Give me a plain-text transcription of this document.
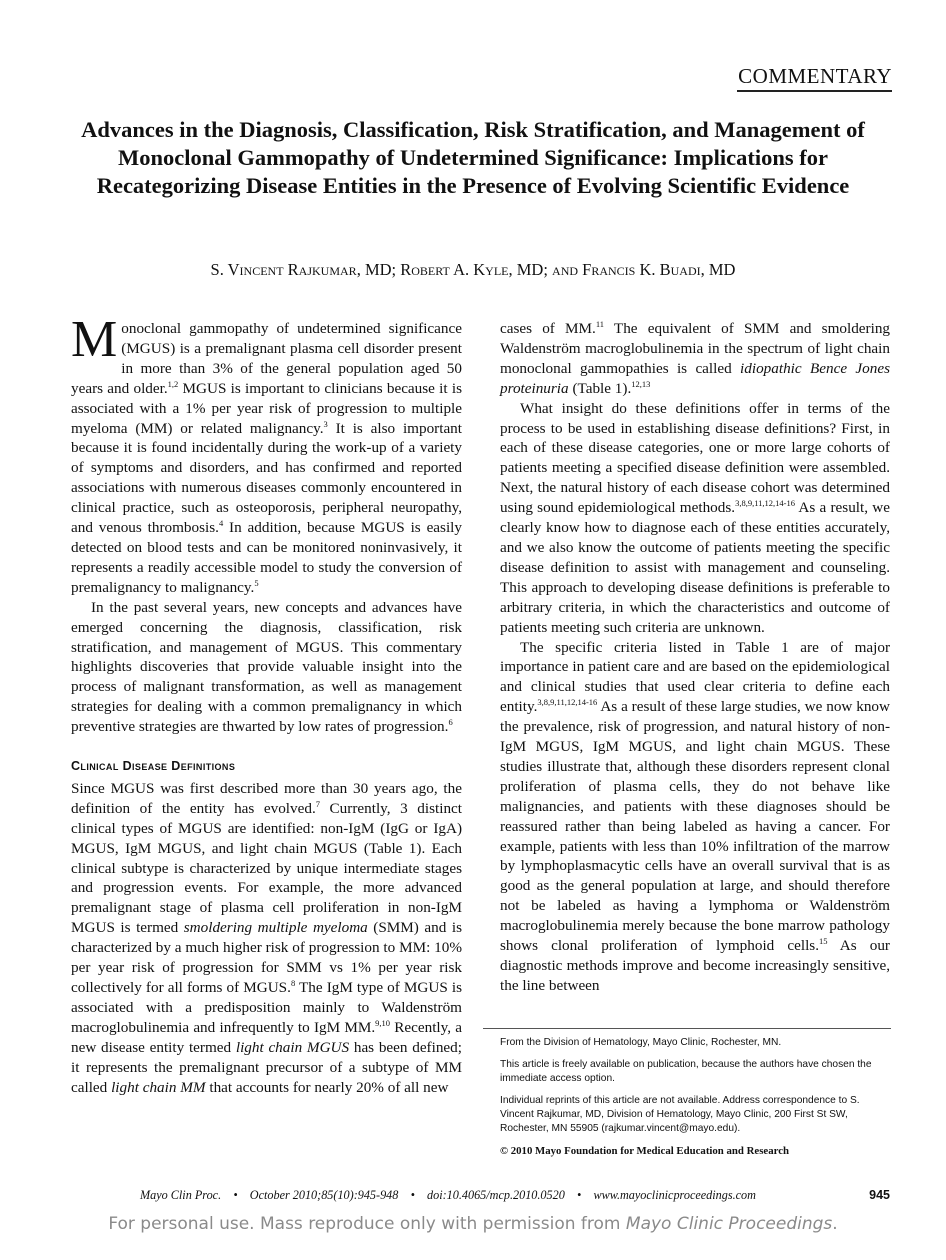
COMMENTARY
Advances in the Diagnosis, Classification, Risk Stratification, and Management of Monoclonal Gammopathy of Undetermined Significance: Implications for Recategorizing Disease Entities in the Presence of Evolving Scientific Evidence
S. Vincent Rajkumar, MD; Robert A. Kyle, MD; and Francis K. Buadi, MD

Monoclonal gammopathy of undetermined significance (MGUS) is a premalignant plasma cell disorder present in more than 3% of the general population aged 50 years and older.$^{1,2}$ MGUS is important to clinicians because it is associated with a 1% per year risk of progression to multiple myeloma (MM) or related malignancy.$^3$ It is also important because it is found incidentally during the work-up of a variety of symptoms and disorders, and has confirmed and reported associations with numerous diseases commonly encountered in clinical practice, such as osteoporosis, peripheral neuropathy, and venous thrombosis.$^4$ In addition, because MGUS is easily detected on blood tests and can be monitored noninvasively, it represents a readily accessible model to study the conversion of premalignancy to malignancy.$^5$

In the past several years, new concepts and advances have emerged concerning the diagnosis, classification, risk stratification, and management of MGUS. This commentary highlights discoveries that provide valuable insight into the process of malignant transformation, as well as management strategies for dealing with a common premalignancy in which preventive strategies are thwarted by low rates of progression.$^6$

Clinical Disease Definitions

Since MGUS was first described more than 30 years ago, the definition of the entity has evolved.$^7$ Currently, 3 distinct clinical types of MGUS are identified: non-IgM (IgG or IgA) MGUS, IgM MGUS, and light chain MGUS (Table 1). Each clinical subtype is characterized by unique intermediate stages and progression events. For example, the more advanced premalignant stage of plasma cell proliferation in non-IgM MGUS is termed smoldering multiple myeloma (SMM) and is characterized by a much higher risk of progression to MM: 10% per year risk of progression for SMM vs 1% per year risk collectively for all forms of MGUS.$^8$ The IgM type of MGUS is associated with a predisposition mainly to Waldenström macroglobulinemia and infrequently to IgM MM.$^{9,10}$ Recently, a new disease entity termed light chain MGUS has been defined; it represents the premalignant precursor of a subtype of MM called light chain MM that accounts for nearly 20% of all new

cases of MM.$^{11}$ The equivalent of SMM and smoldering Waldenström macroglobulinemia in the spectrum of light chain monoclonal gammopathies is called idiopathic Bence Jones proteinuria (Table 1).$^{12,13}$

What insight do these definitions offer in terms of the process to be used in establishing disease definitions? First, in each of these disease categories, one or more large cohorts of patients meeting a specified disease definition were assembled. Next, the natural history of each disease cohort was determined using sound epidemiological methods.$^{3,8,9,11,12,14-16}$ As a result, we clearly know how to diagnose each of these entities accurately, and we also know the outcome of patients meeting the specific disease definition to assist with management and counseling. This approach to developing disease definitions is preferable to arbitrary criteria, in which the characteristics and outcome of patients meeting such criteria are unknown.

The specific criteria listed in Table 1 are of major importance in patient care and are based on the epidemiological and clinical studies that used clear criteria to define each entity.$^{3,8,9,11,12,14-16}$ As a result of these large studies, we now know the prevalence, risk of progression, and natural history of non-IgM MGUS, IgM MGUS, and light chain MGUS. These studies illustrate that, although these disorders represent clonal proliferation of plasma cells, they do not behave like malignancies, and patients with these diagnoses should be reassured rather than being labeled as having a cancer. For example, patients with less than 10% infiltration of the marrow by lymphoplasmacytic cells have an overall survival that is as good as the general population at large, and should therefore not be labeled as having a lymphoma or Waldenström macroglobulinemia merely because the bone marrow pathology shows clonal proliferation of lymphoid cells.$^{15}$ As our diagnostic methods improve and become increasingly sensitive, the line between

From the Division of Hematology, Mayo Clinic, Rochester, MN.

This article is freely available on publication, because the authors have chosen the immediate access option.

Individual reprints of this article are not available. Address correspondence to S. Vincent Rajkumar, MD, Division of Hematology, Mayo Clinic, 200 First St SW, Rochester, MN 55905 (rajkumar.vincent@mayo.edu).

© 2010 Mayo Foundation for Medical Education and Research
Mayo Clin Proc. • October 2010;85(10):945-948 • doi:10.4065/mcp.2010.0520 • www.mayoclinicproceedings.com	945
For personal use. Mass reproduce only with permission from Mayo Clinic Proceedings.
